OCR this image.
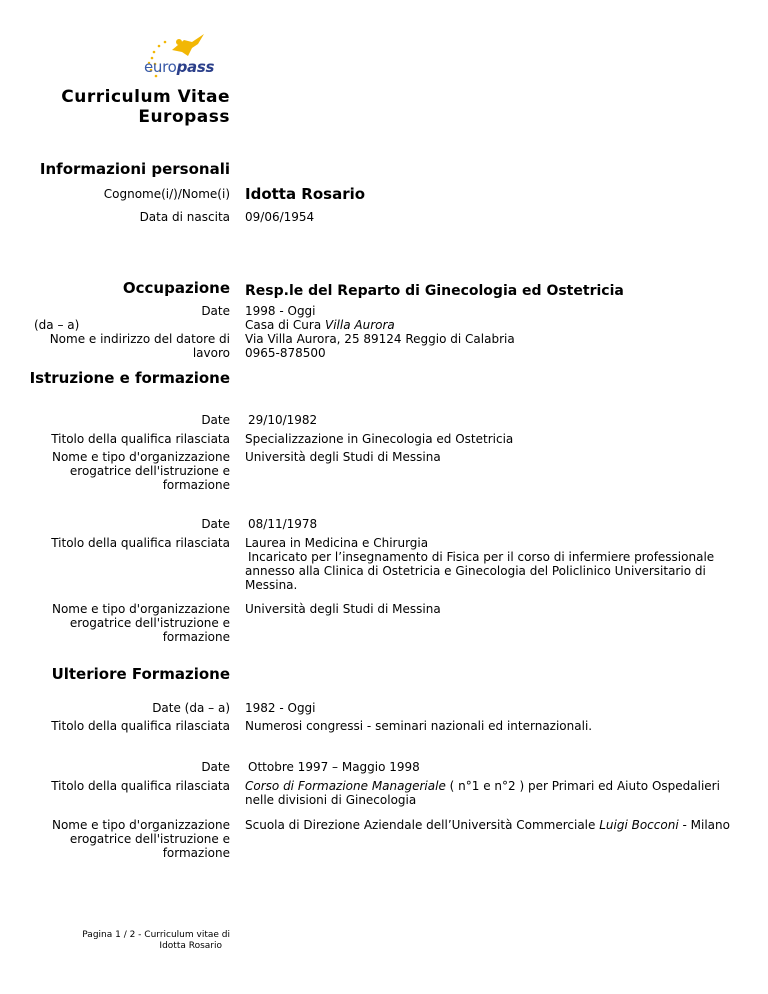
europass
Curriculum Vitae
Europass
Informazioni personali
Cognome(i/)/Nome(i) Idotta Rosario
Data di nascita 09/06/1954
Occupazione Resp.le del Reparto di Ginecologia ed Ostetricia
Date
(da – a)
Nome e indirizzo del datore di
lavoro
1998 - Oggi
Casa di Cura Villa Aurora
Via Villa Aurora, 25 89124 Reggio di Calabria
0965-878500
Istruzione e formazione
Date 29/10/1982
Titolo della qualifica rilasciata Specializzazione in Ginecologia ed Ostetricia
Nome e tipo d'organizzazione
erogatrice dell'istruzione e
formazione
Università degli Studi di Messina
Date 08/11/1978
Titolo della qualifica rilasciata Laurea in Medicina e Chirurgia
Incaricato per l’insegnamento di Fisica per il corso di infermiere professionale
annesso alla Clinica di Ostetricia e Ginecologia del Policlinico Universitario di
Messina.
Nome e tipo d'organizzazione
erogatrice dell'istruzione e
formazione
Università degli Studi di Messina
Ulteriore Formazione
Date (da – a) 1982 - Oggi
Titolo della qualifica rilasciata Numerosi congressi - seminari nazionali ed internazionali.
Date Ottobre 1997 – Maggio 1998
Titolo della qualifica rilasciata Corso di Formazione Manageriale ( n°1 e n°2 ) per Primari ed Aiuto Ospedalieri
nelle divisioni di Ginecologia
Nome e tipo d'organizzazione
erogatrice dell'istruzione e
formazione
Scuola di Direzione Aziendale dell’Università Commerciale Luigi Bocconi - Milano
Pagina 1 / 2 - Curriculum vitae di
Idotta Rosario
